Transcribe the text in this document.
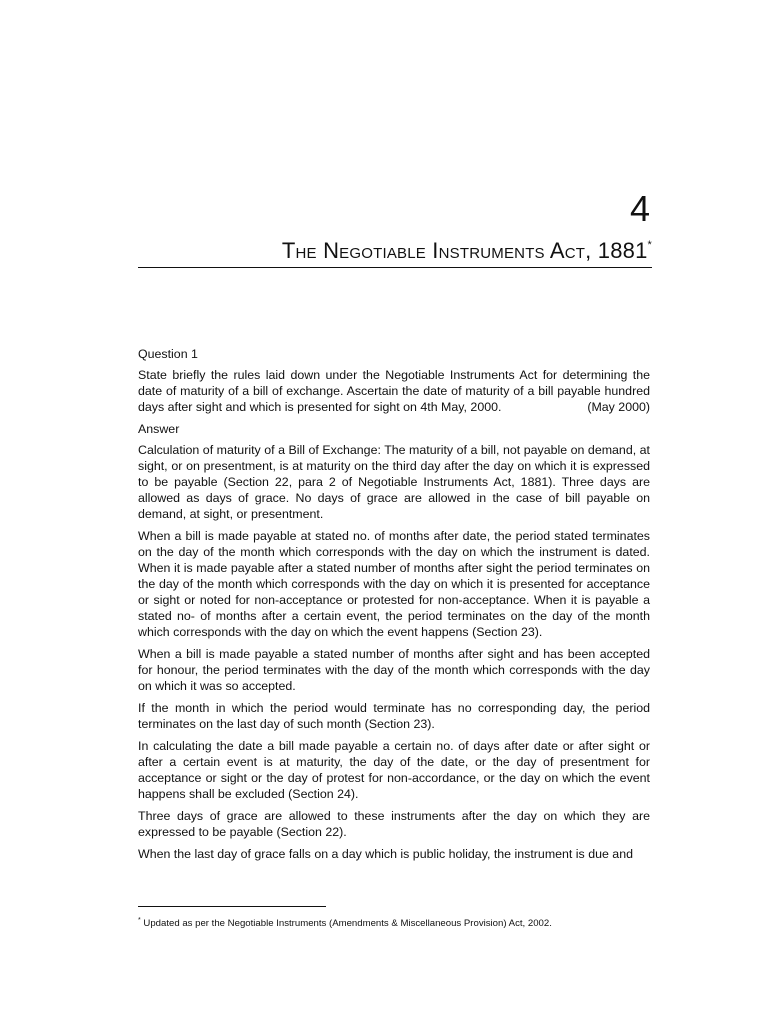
4
The Negotiable Instruments Act, 1881*
Question 1
State briefly the rules laid down under the Negotiable Instruments Act for determining the date of maturity of a bill of exchange. Ascertain the date of maturity of a bill payable hundred days after sight and which is presented for sight on 4th May, 2000.	(May 2000)
Answer

Calculation of maturity of a Bill of Exchange: The maturity of a bill, not payable on demand, at sight, or on presentment, is at maturity on the third day after the day on which it is expressed to be payable (Section 22, para 2 of Negotiable Instruments Act, 1881). Three days are allowed as days of grace. No days of grace are allowed in the case of bill payable on demand, at sight, or presentment.

When a bill is made payable at stated no. of months after date, the period stated terminates on the day of the month which corresponds with the day on which the instrument is dated. When it is made payable after a stated number of months after sight the period terminates on the day of the month which corresponds with the day on which it is presented for acceptance or sight or noted for non-acceptance or protested for non-acceptance. When it is payable a stated no- of months after a certain event, the period terminates on the day of the month which corresponds with the day on which the event happens (Section 23).

When a bill is made payable a stated number of months after sight and has been accepted for honour, the period terminates with the day of the month which corresponds with the day on which it was so accepted.

If the month in which the period would terminate has no corresponding day, the period terminates on the last day of such month (Section 23).

In calculating the date a bill made payable a certain no. of days after date or after sight or after a certain event is at maturity, the day of the date, or the day of presentment for acceptance or sight or the day of protest for non-accordance, or the day on which the event happens shall be excluded (Section 24).

Three days of grace are allowed to these instruments after the day on which they are expressed to be payable (Section 22).

When the last day of grace falls on a day which is public holiday, the instrument is due and

* Updated as per the Negotiable Instruments (Amendments & Miscellaneous Provision) Act, 2002.
